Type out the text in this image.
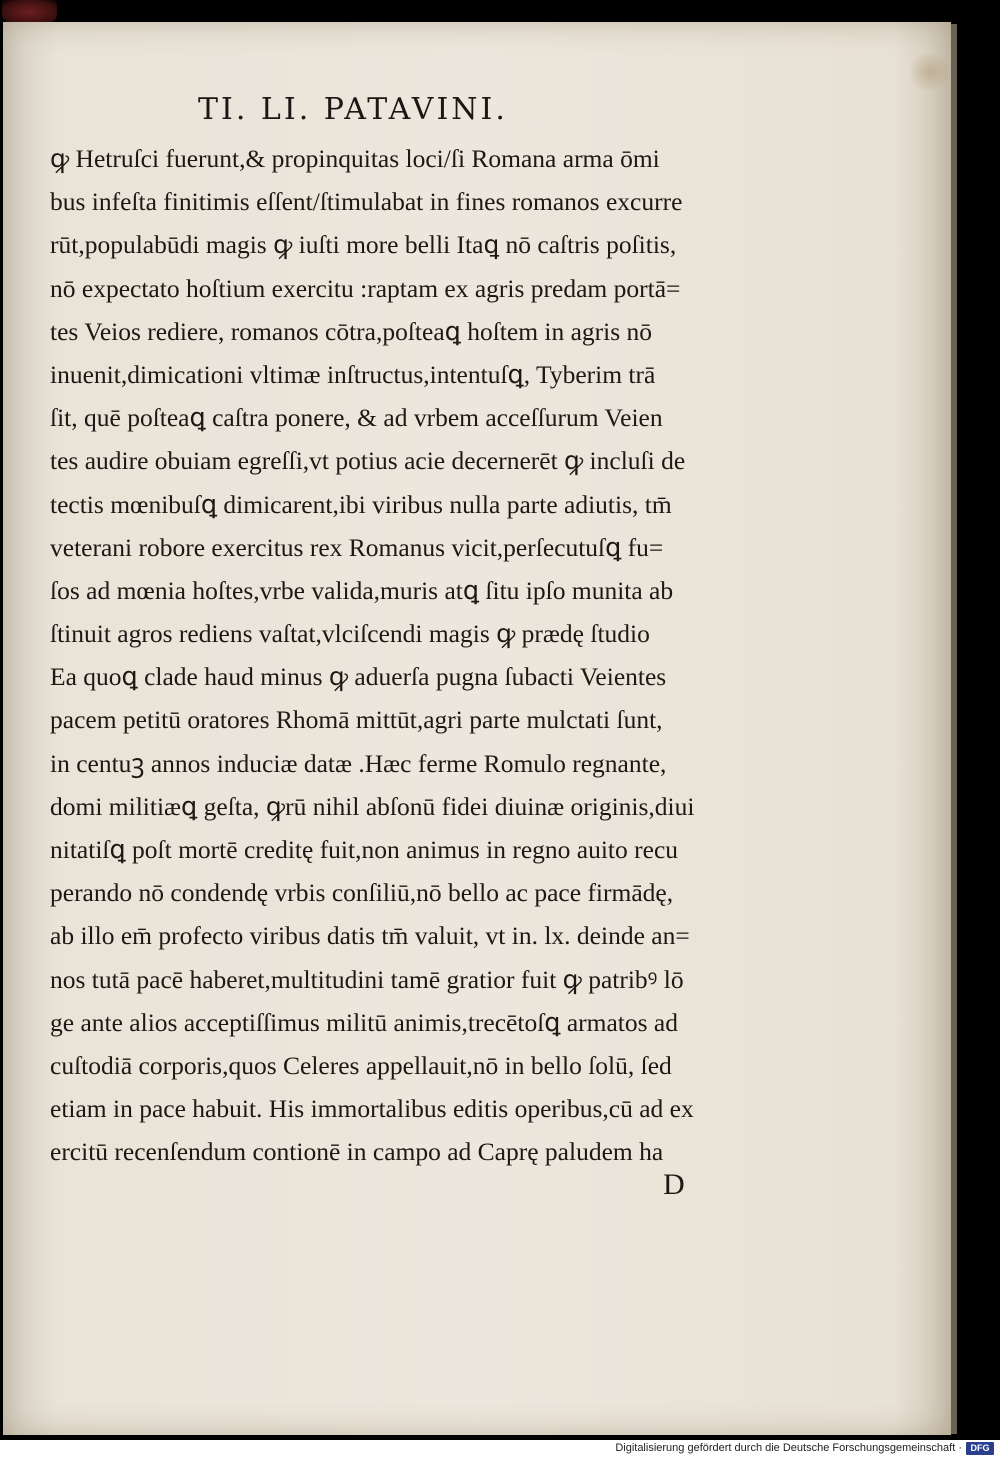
TI. LI. PATAVINI.
ꝙ Hetruſci fuerunt,& propinquitas loci/ſi Romana arma ōmi
bus infeſta finitimis eſſent/ſtimulabat in fines romanos excurre
rūt,populabūdi magis ꝙ iuſti more belli Itaꝗ nō caſtris poſitis,
nō expectato hoſtium exercitu :raptam ex agris predam portā=
tes Veios rediere, romanos cōtra,poſteaꝗ hoſtem in agris nō
inuenit,dimicationi vltimæ inſtructus,intentuſꝗ, Tyberim trā
ſit, quē poſteaꝗ caſtra ponere, & ad vrbem acceſſurum Veien
tes audire obuiam egreſſi,vt potius acie decernerēt ꝙ incluſi de
tectis mœnibuſꝗ dimicarent,ibi viribus nulla parte adiutis, tm̄
veterani robore exercitus rex Romanus vicit,perſecutuſꝗ fu=
ſos ad mœnia hoſtes,vrbe valida,muris atꝗ ſitu ipſo munita ab
ſtinuit agros rediens vaſtat,vlciſcendi magis ꝙ prædę ſtudio
Ea quoꝗ clade haud minus ꝙ aduerſa pugna ſubacti Veientes
pacem petitū oratores Rhomā mittūt,agri parte mulctati ſunt,
in centuꝫ annos induciæ datæ .Hæc ferme Romulo regnante,
domi militiæꝗ geſta, ꝙrū nihil abſonū fidei diuinæ originis,diui
nitatiſꝗ poſt mortē creditę fuit,non animus in regno auito recu
perando nō condendę vrbis conſiliū,nō bello ac pace firmādę,
ab illo em̄ profecto viribus datis tm̄ valuit, vt in. lx. deinde an=
nos tutā pacē haberet,multitudini tamē gratior fuit ꝙ patribꝰ lō
ge ante alios acceptiſſimus militū animis,trecētoſꝗ armatos ad
cuſtodiā corporis,quos Celeres appellauit,nō in bello ſolū, ſed
etiam in pace habuit. His immortalibus editis operibus,cū ad ex
ercitū recenſendum contionē in campo ad Caprę paludem ha
D
Digitalisierung gefördert durch die Deutsche Forschungsgemeinschaft · DFG
